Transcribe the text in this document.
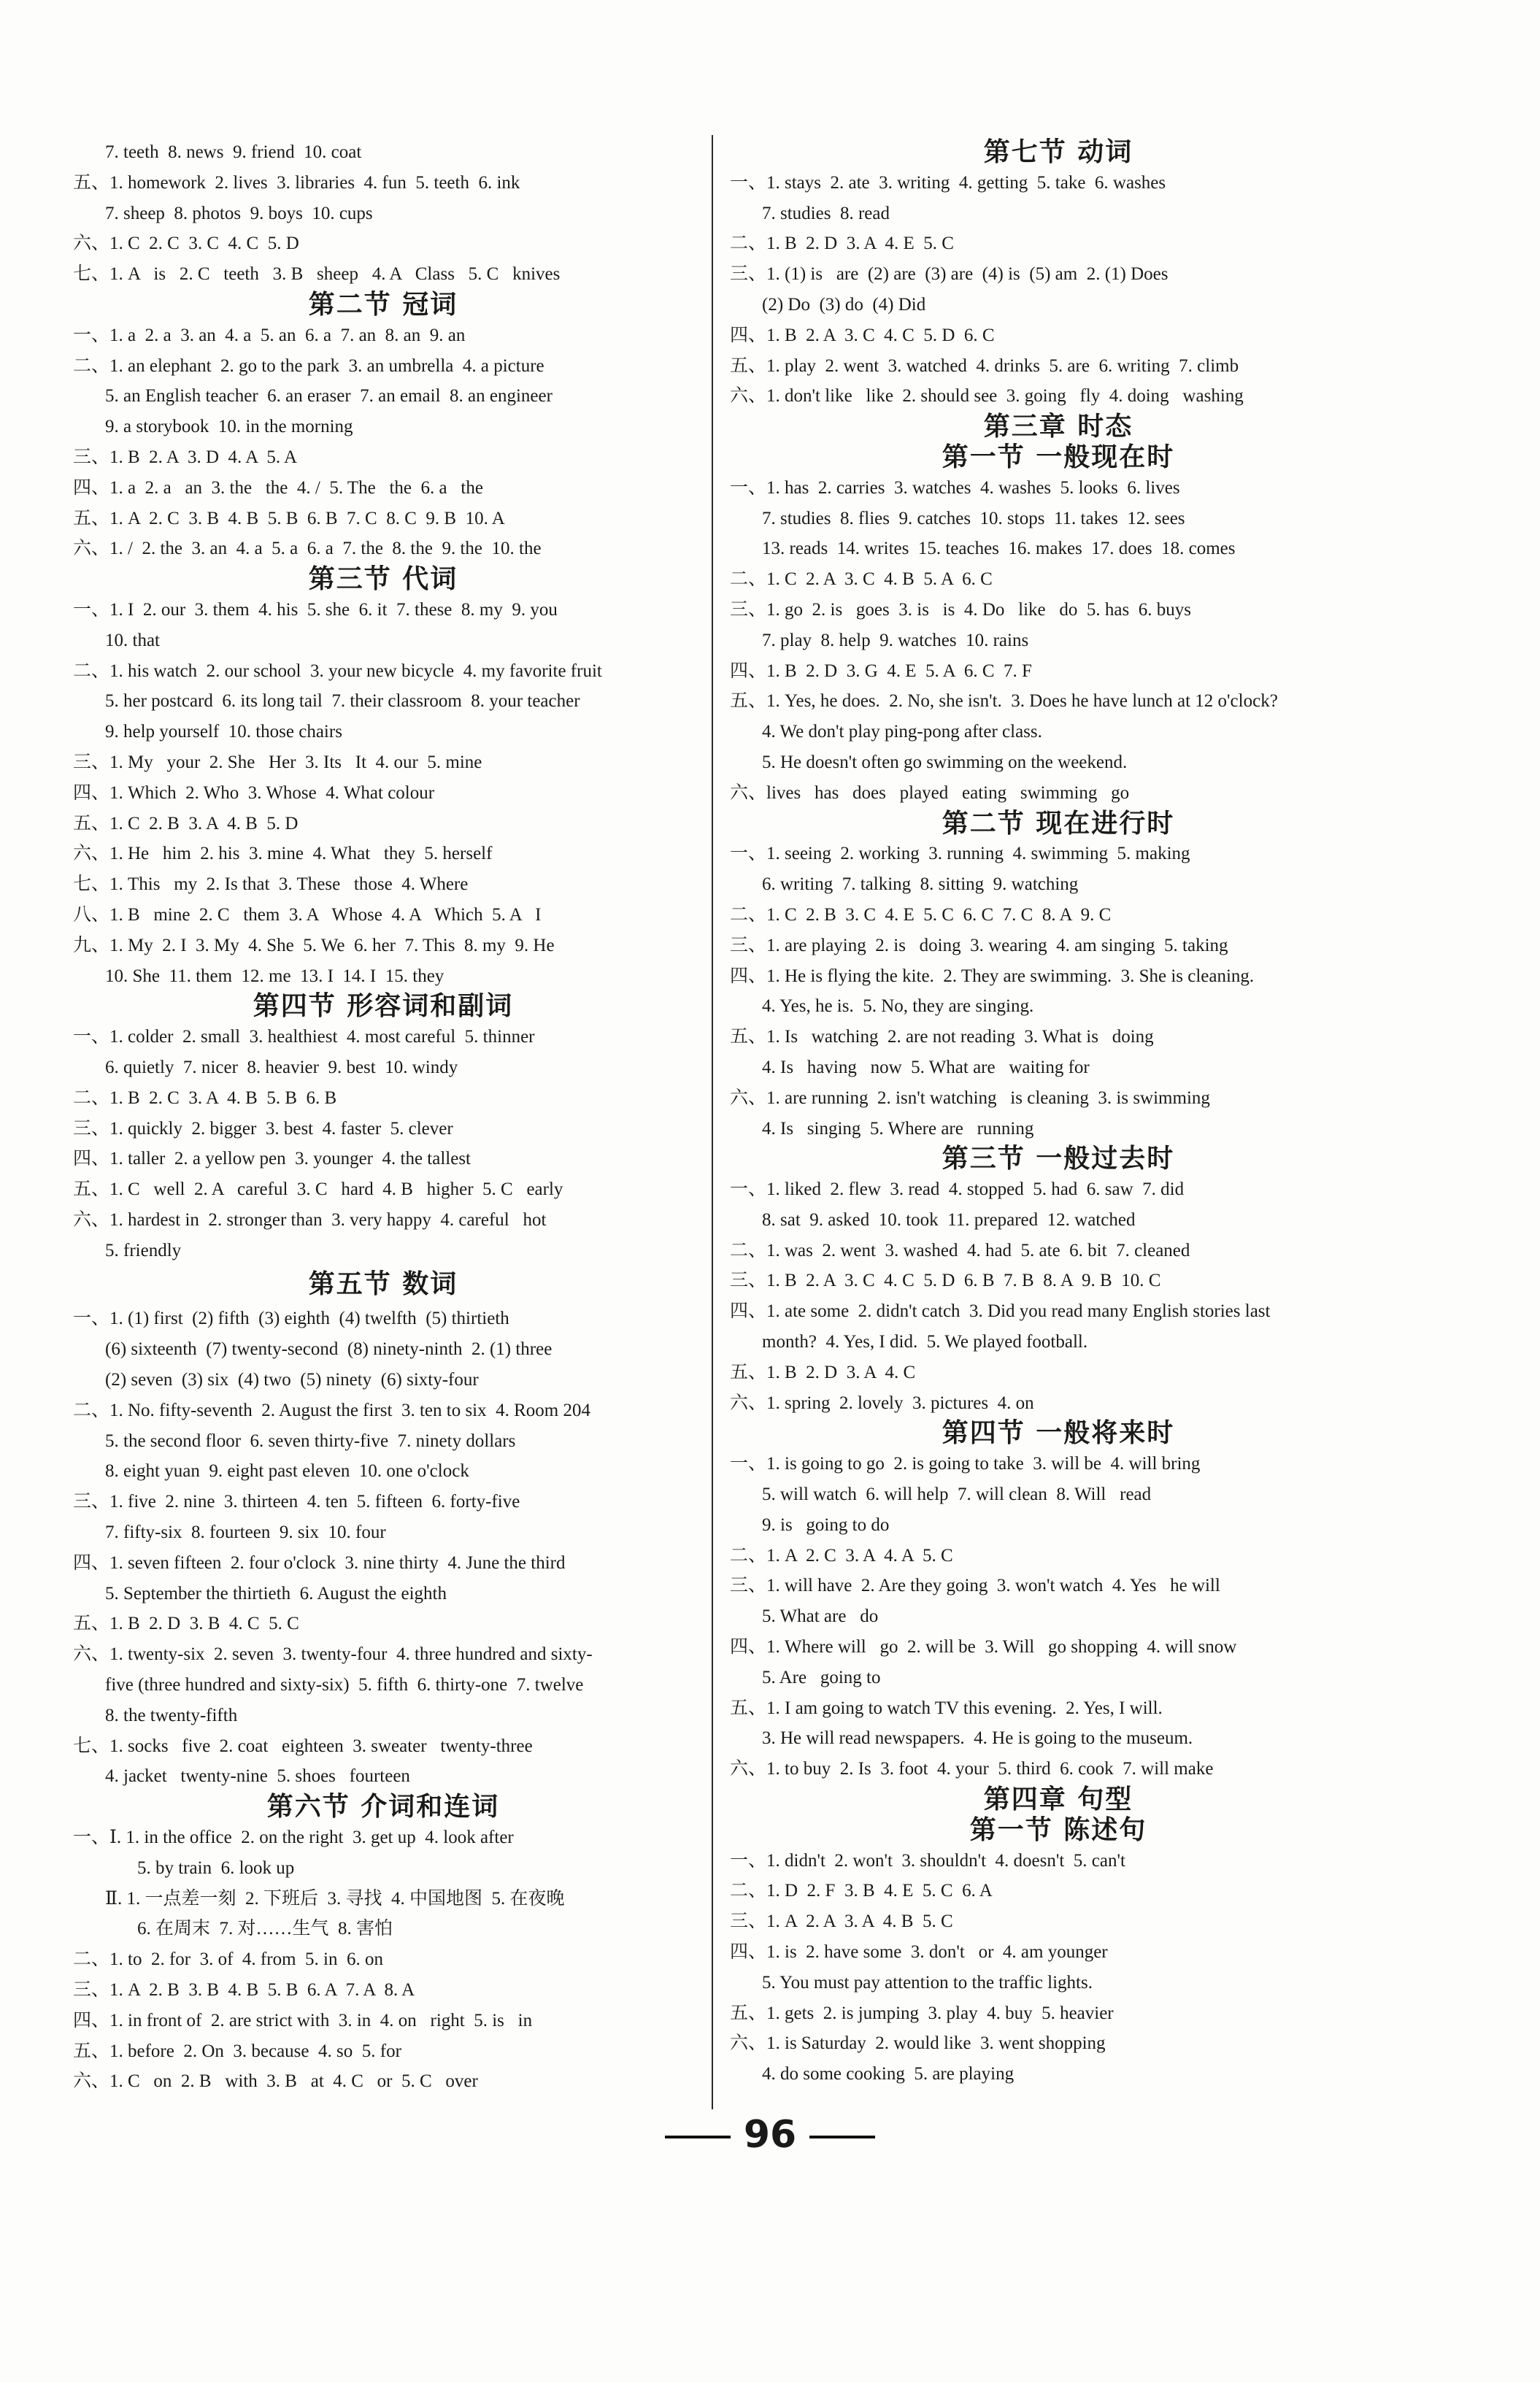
7. teeth  8. news  9. friend  10. coat
五、1. homework  2. lives  3. libraries  4. fun  5. teeth  6. ink
7. sheep  8. photos  9. boys  10. cups
六、1. C  2. C  3. C  4. C  5. D
七、1. A   is   2. C   teeth   3. B   sheep   4. A   Class   5. C   knives
第二节 冠词
一、1. a  2. a  3. an  4. a  5. an  6. a  7. an  8. an  9. an
二、1. an elephant  2. go to the park  3. an umbrella  4. a picture
5. an English teacher  6. an eraser  7. an email  8. an engineer
9. a storybook  10. in the morning
三、1. B  2. A  3. D  4. A  5. A
四、1. a  2. a   an  3. the   the  4. /  5. The   the  6. a   the
五、1. A  2. C  3. B  4. B  5. B  6. B  7. C  8. C  9. B  10. A
六、1. /  2. the  3. an  4. a  5. a  6. a  7. the  8. the  9. the  10. the
第三节 代词
一、1. I  2. our  3. them  4. his  5. she  6. it  7. these  8. my  9. you
10. that
二、1. his watch  2. our school  3. your new bicycle  4. my favorite fruit
5. her postcard  6. its long tail  7. their classroom  8. your teacher
9. help yourself  10. those chairs
三、1. My   your  2. She   Her  3. Its   It  4. our  5. mine
四、1. Which  2. Who  3. Whose  4. What colour
五、1. C  2. B  3. A  4. B  5. D
六、1. He   him  2. his  3. mine  4. What   they  5. herself
七、1. This   my  2. Is that  3. These   those  4. Where
八、1. B   mine  2. C   them  3. A   Whose  4. A   Which  5. A   I
九、1. My  2. I  3. My  4. She  5. We  6. her  7. This  8. my  9. He
10. She  11. them  12. me  13. I  14. I  15. they
第四节 形容词和副词
一、1. colder  2. small  3. healthiest  4. most careful  5. thinner
6. quietly  7. nicer  8. heavier  9. best  10. windy
二、1. B  2. C  3. A  4. B  5. B  6. B
三、1. quickly  2. bigger  3. best  4. faster  5. clever
四、1. taller  2. a yellow pen  3. younger  4. the tallest
五、1. C   well  2. A   careful  3. C   hard  4. B   higher  5. C   early
六、1. hardest in  2. stronger than  3. very happy  4. careful   hot
5. friendly
第五节 数词
一、1. (1) first  (2) fifth  (3) eighth  (4) twelfth  (5) thirtieth
(6) sixteenth  (7) twenty-second  (8) ninety-ninth  2. (1) three
(2) seven  (3) six  (4) two  (5) ninety  (6) sixty-four
二、1. No. fifty-seventh  2. August the first  3. ten to six  4. Room 204
5. the second floor  6. seven thirty-five  7. ninety dollars
8. eight yuan  9. eight past eleven  10. one o'clock
三、1. five  2. nine  3. thirteen  4. ten  5. fifteen  6. forty-five
7. fifty-six  8. fourteen  9. six  10. four
四、1. seven fifteen  2. four o'clock  3. nine thirty  4. June the third
5. September the thirtieth  6. August the eighth
五、1. B  2. D  3. B  4. C  5. C
六、1. twenty-six  2. seven  3. twenty-four  4. three hundred and sixty-
five (three hundred and sixty-six)  5. fifth  6. thirty-one  7. twelve
8. the twenty-fifth
七、1. socks   five  2. coat   eighteen  3. sweater   twenty-three
4. jacket   twenty-nine  5. shoes   fourteen
第六节 介词和连词
一、Ⅰ. 1. in the office  2. on the right  3. get up  4. look after
5. by train  6. look up
Ⅱ. 1. 一点差一刻  2. 下班后  3. 寻找  4. 中国地图  5. 在夜晚
6. 在周末  7. 对……生气  8. 害怕
二、1. to  2. for  3. of  4. from  5. in  6. on
三、1. A  2. B  3. B  4. B  5. B  6. A  7. A  8. A
四、1. in front of  2. are strict with  3. in  4. on   right  5. is   in
五、1. before  2. On  3. because  4. so  5. for
六、1. C   on  2. B   with  3. B   at  4. C   or  5. C   over
第七节 动词
一、1. stays  2. ate  3. writing  4. getting  5. take  6. washes
7. studies  8. read
二、1. B  2. D  3. A  4. E  5. C
三、1. (1) is   are  (2) are  (3) are  (4) is  (5) am  2. (1) Does
(2) Do  (3) do  (4) Did
四、1. B  2. A  3. C  4. C  5. D  6. C
五、1. play  2. went  3. watched  4. drinks  5. are  6. writing  7. climb
六、1. don't like   like  2. should see  3. going   fly  4. doing   washing
第三章 时态
第一节 一般现在时
一、1. has  2. carries  3. watches  4. washes  5. looks  6. lives
7. studies  8. flies  9. catches  10. stops  11. takes  12. sees
13. reads  14. writes  15. teaches  16. makes  17. does  18. comes
二、1. C  2. A  3. C  4. B  5. A  6. C
三、1. go  2. is   goes  3. is   is  4. Do   like   do  5. has  6. buys
7. play  8. help  9. watches  10. rains
四、1. B  2. D  3. G  4. E  5. A  6. C  7. F
五、1. Yes, he does.  2. No, she isn't.  3. Does he have lunch at 12 o'clock?
4. We don't play ping-pong after class.
5. He doesn't often go swimming on the weekend.
六、lives   has   does   played   eating   swimming   go
第二节 现在进行时
一、1. seeing  2. working  3. running  4. swimming  5. making
6. writing  7. talking  8. sitting  9. watching
二、1. C  2. B  3. C  4. E  5. C  6. C  7. C  8. A  9. C
三、1. are playing  2. is   doing  3. wearing  4. am singing  5. taking
四、1. He is flying the kite.  2. They are swimming.  3. She is cleaning.
4. Yes, he is.  5. No, they are singing.
五、1. Is   watching  2. are not reading  3. What is   doing
4. Is   having   now  5. What are   waiting for
六、1. are running  2. isn't watching   is cleaning  3. is swimming
4. Is   singing  5. Where are   running
第三节 一般过去时
一、1. liked  2. flew  3. read  4. stopped  5. had  6. saw  7. did
8. sat  9. asked  10. took  11. prepared  12. watched
二、1. was  2. went  3. washed  4. had  5. ate  6. bit  7. cleaned
三、1. B  2. A  3. C  4. C  5. D  6. B  7. B  8. A  9. B  10. C
四、1. ate some  2. didn't catch  3. Did you read many English stories last
month?  4. Yes, I did.  5. We played football.
五、1. B  2. D  3. A  4. C
六、1. spring  2. lovely  3. pictures  4. on
第四节 一般将来时
一、1. is going to go  2. is going to take  3. will be  4. will bring
5. will watch  6. will help  7. will clean  8. Will   read
9. is   going to do
二、1. A  2. C  3. A  4. A  5. C
三、1. will have  2. Are they going  3. won't watch  4. Yes   he will
5. What are   do
四、1. Where will   go  2. will be  3. Will   go shopping  4. will snow
5. Are   going to
五、1. I am going to watch TV this evening.  2. Yes, I will.
3. He will read newspapers.  4. He is going to the museum.
六、1. to buy  2. Is  3. foot  4. your  5. third  6. cook  7. will make
第四章 句型
第一节 陈述句
一、1. didn't  2. won't  3. shouldn't  4. doesn't  5. can't
二、1. D  2. F  3. B  4. E  5. C  6. A
三、1. A  2. A  3. A  4. B  5. C
四、1. is  2. have some  3. don't   or  4. am younger
5. You must pay attention to the traffic lights.
五、1. gets  2. is jumping  3. play  4. buy  5. heavier
六、1. is Saturday  2. would like  3. went shopping
4. do some cooking  5. are playing
96
